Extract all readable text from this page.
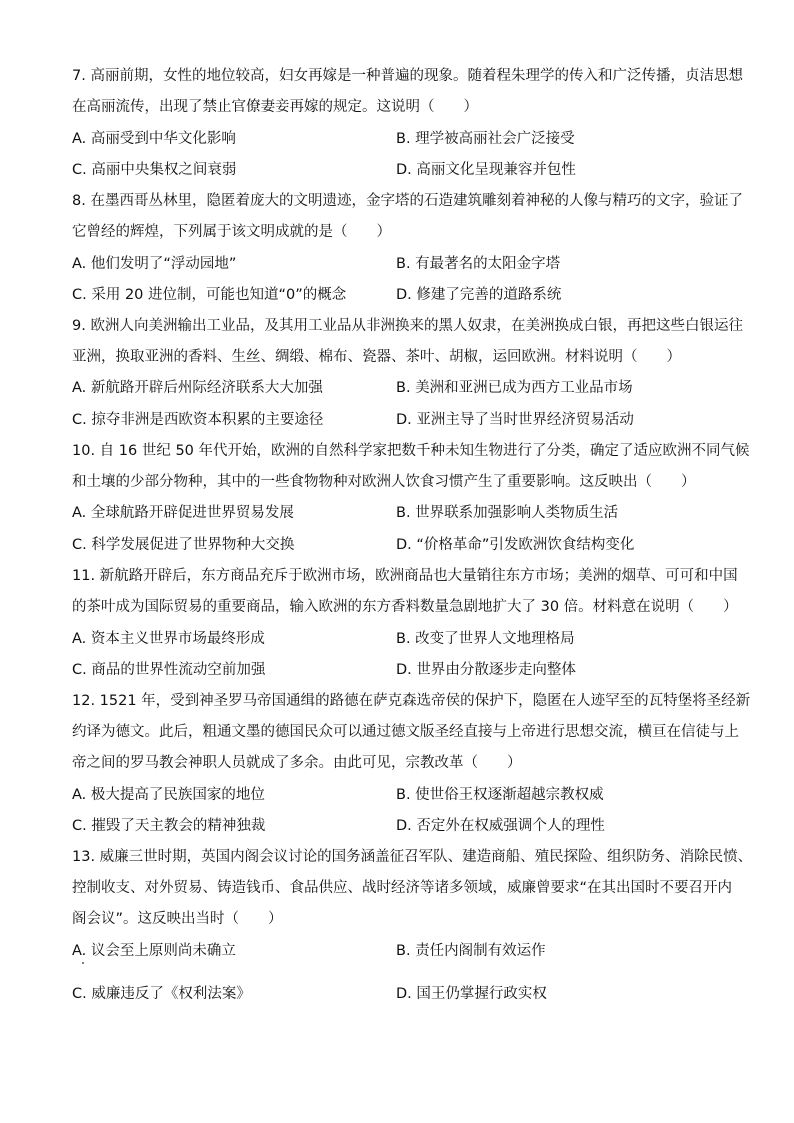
7. 高丽前期，女性的地位较高，妇女再嫁是一种普遍的现象。随着程朱理学的传入和广泛传播，贞洁思想
在高丽流传，出现了禁止官僚妻妾再嫁的规定。这说明（　　）
A. 高丽受到中华文化影响	B. 理学被高丽社会广泛接受
C. 高丽中央集权之间衰弱	D. 高丽文化呈现兼容并包性
8. 在墨西哥丛林里，隐匿着庞大的文明遗迹，金字塔的石造建筑雕刻着神秘的人像与精巧的文字，验证了
它曾经的辉煌，下列属于该文明成就的是（　　）
A. 他们发明了“浮动园地”	B. 有最著名的太阳金字塔
C. 采用 20 进位制，可能也知道“0”的概念	D. 修建了完善的道路系统
9. 欧洲人向美洲输出工业品，及其用工业品从非洲换来的黑人奴隶，在美洲换成白银，再把这些白银运往
亚洲，换取亚洲的香料、生丝、绸缎、棉布、瓷器、茶叶、胡椒，运回欧洲。材料说明（　　）
A. 新航路开辟后州际经济联系大大加强	B. 美洲和亚洲已成为西方工业品市场
C. 掠夺非洲是西欧资本积累的主要途径	D. 亚洲主导了当时世界经济贸易活动
10. 自 16 世纪 50 年代开始，欧洲的自然科学家把数千种未知生物进行了分类，确定了适应欧洲不同气候
和土壤的少部分物种，其中的一些食物物种对欧洲人饮食习惯产生了重要影响。这反映出（　　）
A. 全球航路开辟促进世界贸易发展	B. 世界联系加强影响人类物质生活
C. 科学发展促进了世界物种大交换	D. “价格革命”引发欧洲饮食结构变化
11. 新航路开辟后，东方商品充斥于欧洲市场，欧洲商品也大量销往东方市场；美洲的烟草、可可和中国
的茶叶成为国际贸易的重要商品，输入欧洲的东方香料数量急剧地扩大了 30 倍。材料意在说明（　　）
A. 资本主义世界市场最终形成	B. 改变了世界人文地理格局
C. 商品的世界性流动空前加强	D. 世界由分散逐步走向整体
12. 1521 年，受到神圣罗马帝国通缉的路德在萨克森选帝侯的保护下，隐匿在人迹罕至的瓦特堡将圣经新
约译为德文。此后，粗通文墨的德国民众可以通过德文版圣经直接与上帝进行思想交流，横亘在信徒与上
帝之间的罗马教会神职人员就成了多余。由此可见，宗教改革（　　）
A. 极大提高了民族国家的地位	B. 使世俗王权逐渐超越宗教权威
C. 摧毁了天主教会的精神独裁	D. 否定外在权威强调个人的理性
13. 威廉三世时期，英国内阁会议讨论的国务涵盖征召军队、建造商船、殖民探险、组织防务、消除民愤、
控制收支、对外贸易、铸造钱币、食品供应、战时经济等诸多领域，威廉曾要求“在其出国时不要召开内
阁会议”。这反映出当时（　　）
A. 议会至上原则尚未确立	B. 责任内阁制有效运作
C. 威廉违反了《权利法案》	D. 国王仍掌握行政实权
